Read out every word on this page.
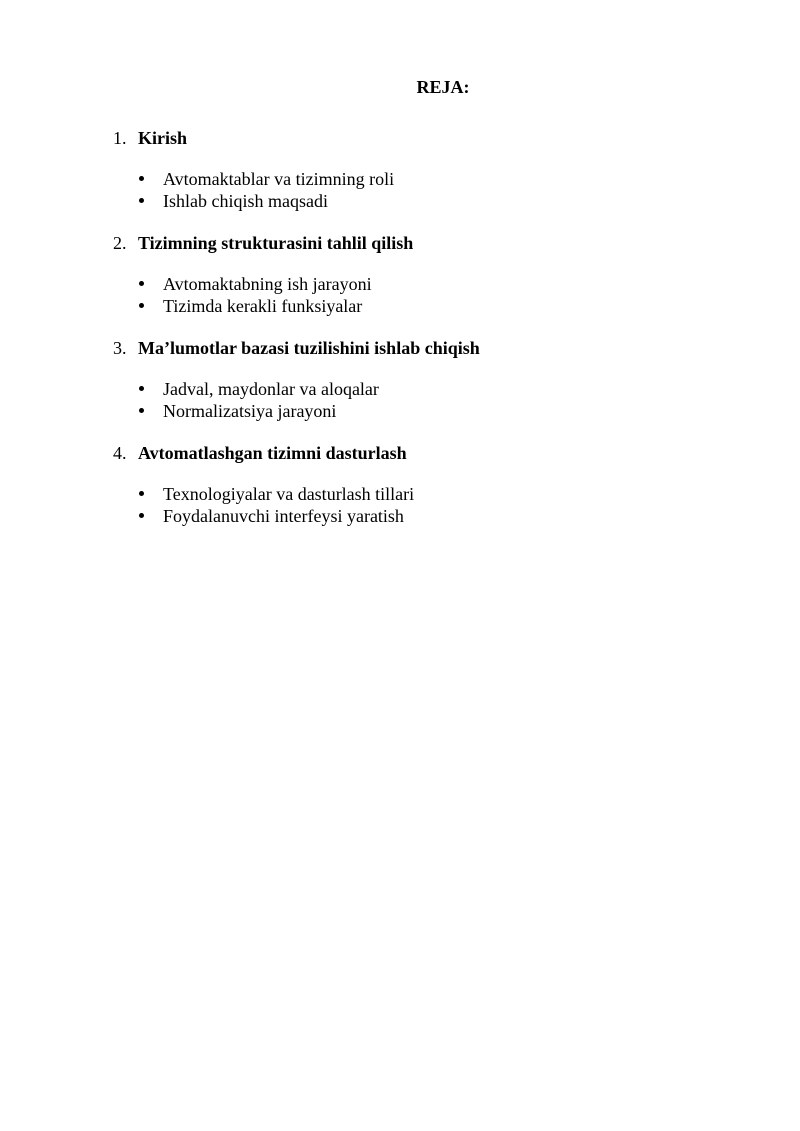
REJA:
1. Kirish
Avtomaktablar va tizimning roli
Ishlab chiqish maqsadi
2. Tizimning strukturasini tahlil qilish
Avtomaktabning ish jarayoni
Tizimda kerakli funksiyalar
3. Ma’lumotlar bazasi tuzilishini ishlab chiqish
Jadval, maydonlar va aloqalar
Normalizatsiya jarayoni
4. Avtomatlashgan tizimni dasturlash
Texnologiyalar va dasturlash tillari
Foydalanuvchi interfeysi yaratish
